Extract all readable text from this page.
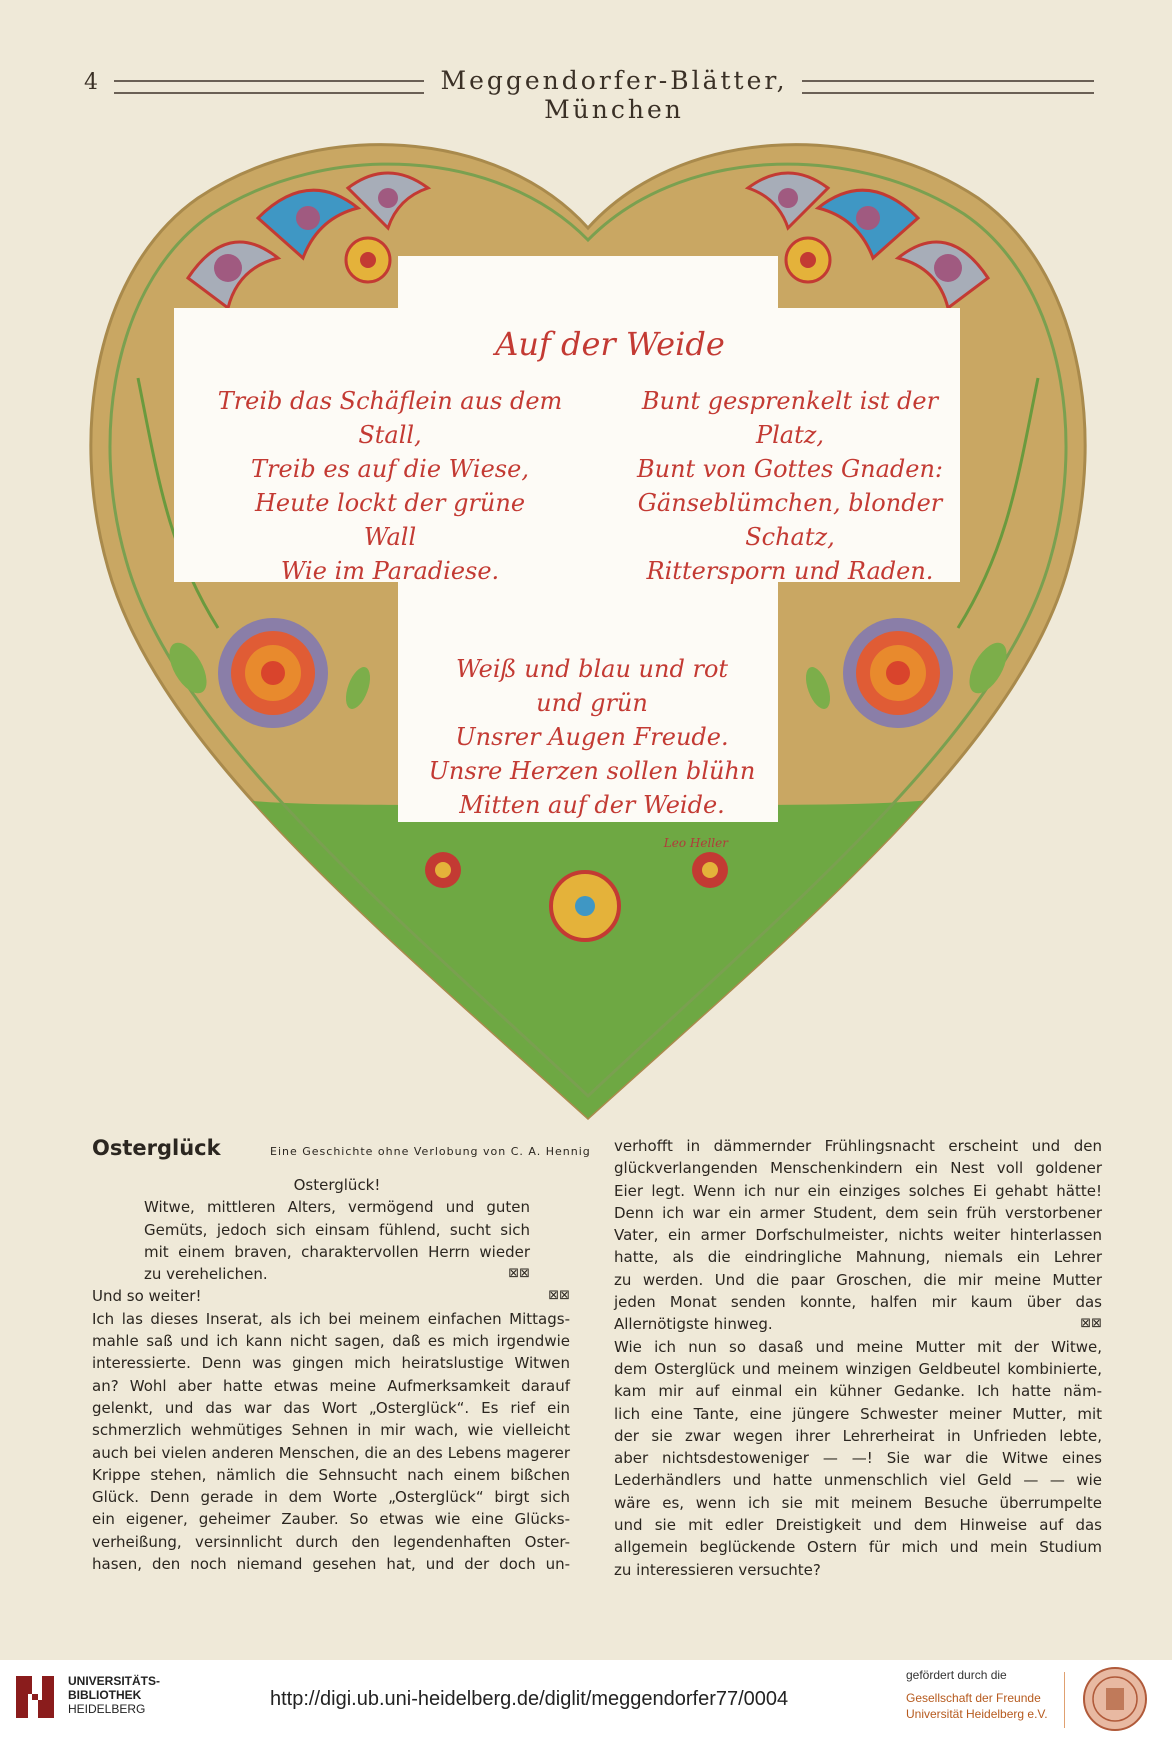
4	Meggendorfer-Blätter, München
Auf der Weide
Treib das Schäflein aus dem
Stall,
Treib es auf die Wiese,
Heute lockt der grüne
Wall
Wie im Paradiese.
Bunt gesprenkelt ist der
Platz,
Bunt von Gottes Gnaden:
Gänseblümchen, blonder
Schatz,
Rittersporn und Raden.
Weiß und blau und rot
und grün
Unsrer Augen Freude.
Unsre Herzen sollen blühn
Mitten auf der Weide.
Leo Heller
Osterglück	Eine Geschichte ohne Verlobung von C. A. Hennig
Osterglück!
Witwe, mittleren Alters, vermögend und guten
Gemüts, jedoch sich einsam fühlend, sucht sich
mit einem braven, charaktervollen Herrn wieder
zu verehelichen.	⊠⊠
Und so weiter!	⊠⊠
Ich las dieses Inserat, als ich bei meinem einfachen Mittags-
mahle saß und ich kann nicht sagen, daß es mich irgendwie
interessierte. Denn was gingen mich heiratslustige Witwen
an? Wohl aber hatte etwas meine Aufmerksamkeit darauf
gelenkt, und das war das Wort „Osterglück“. Es rief ein
schmerzlich wehmütiges Sehnen in mir wach, wie vielleicht
auch bei vielen anderen Menschen, die an des Lebens magerer
Krippe stehen, nämlich die Sehnsucht nach einem bißchen
Glück. Denn gerade in dem Worte „Osterglück“ birgt sich
ein eigener, geheimer Zauber. So etwas wie eine Glücks-
verheißung, versinnlicht durch den legendenhaften Oster-
hasen, den noch niemand gesehen hat, und der doch un-
verhofft in dämmernder Frühlingsnacht erscheint und den
glückverlangenden Menschenkindern ein Nest voll goldener
Eier legt. Wenn ich nur ein einziges solches Ei gehabt hätte!
Denn ich war ein armer Student, dem sein früh verstorbener
Vater, ein armer Dorfschulmeister, nichts weiter hinterlassen
hatte, als die eindringliche Mahnung, niemals ein Lehrer
zu werden. Und die paar Groschen, die mir meine Mutter
jeden Monat senden konnte, halfen mir kaum über das
Allernötigste hinweg.	⊠⊠
Wie ich nun so dasaß und meine Mutter mit der Witwe,
dem Osterglück und meinem winzigen Geldbeutel kombinierte,
kam mir auf einmal ein kühner Gedanke. Ich hatte näm-
lich eine Tante, eine jüngere Schwester meiner Mutter, mit
der sie zwar wegen ihrer Lehrerheirat in Unfrieden lebte,
aber nichtsdestoweniger — —! Sie war die Witwe eines
Lederhändlers und hatte unmenschlich viel Geld — — wie
wäre es, wenn ich sie mit meinem Besuche überrumpelte
und sie mit edler Dreistigkeit und dem Hinweise auf das
allgemein beglückende Ostern für mich und mein Studium
zu interessieren versuchte?
UNIVERSITÄTS-
BIBLIOTHEK
HEIDELBERG	http://digi.ub.uni-heidelberg.de/diglit/meggendorfer77/0004
gefördert durch die
Gesellschaft der Freunde
Universität Heidelberg e.V.
